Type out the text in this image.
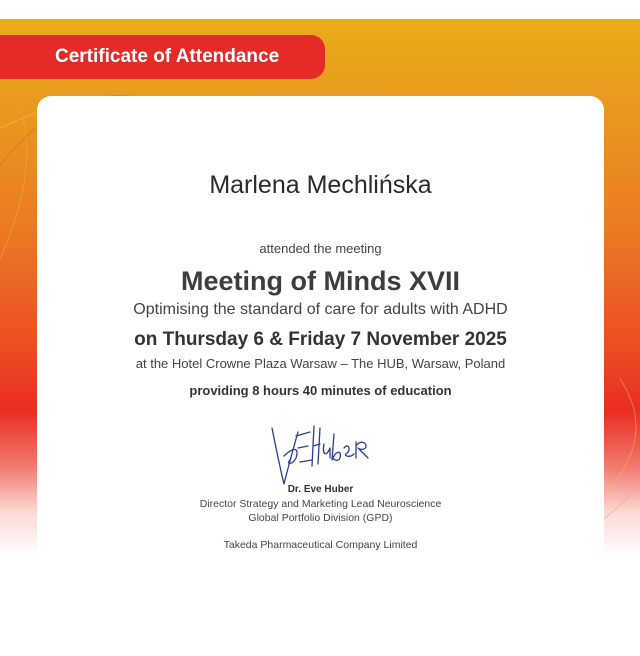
Certificate of Attendance
Marlena Mechlińska
attended the meeting
Meeting of Minds XVII
Optimising the standard of care for adults with ADHD
on Thursday 6 & Friday 7 November 2025
at the Hotel Crowne Plaza Warsaw – The HUB, Warsaw, Poland
providing 8 hours 40 minutes of education
Dr. Eve Huber
Director Strategy and Marketing Lead Neuroscience
Global Portfolio Division (GPD)
Takeda Pharmaceutical Company Limited
